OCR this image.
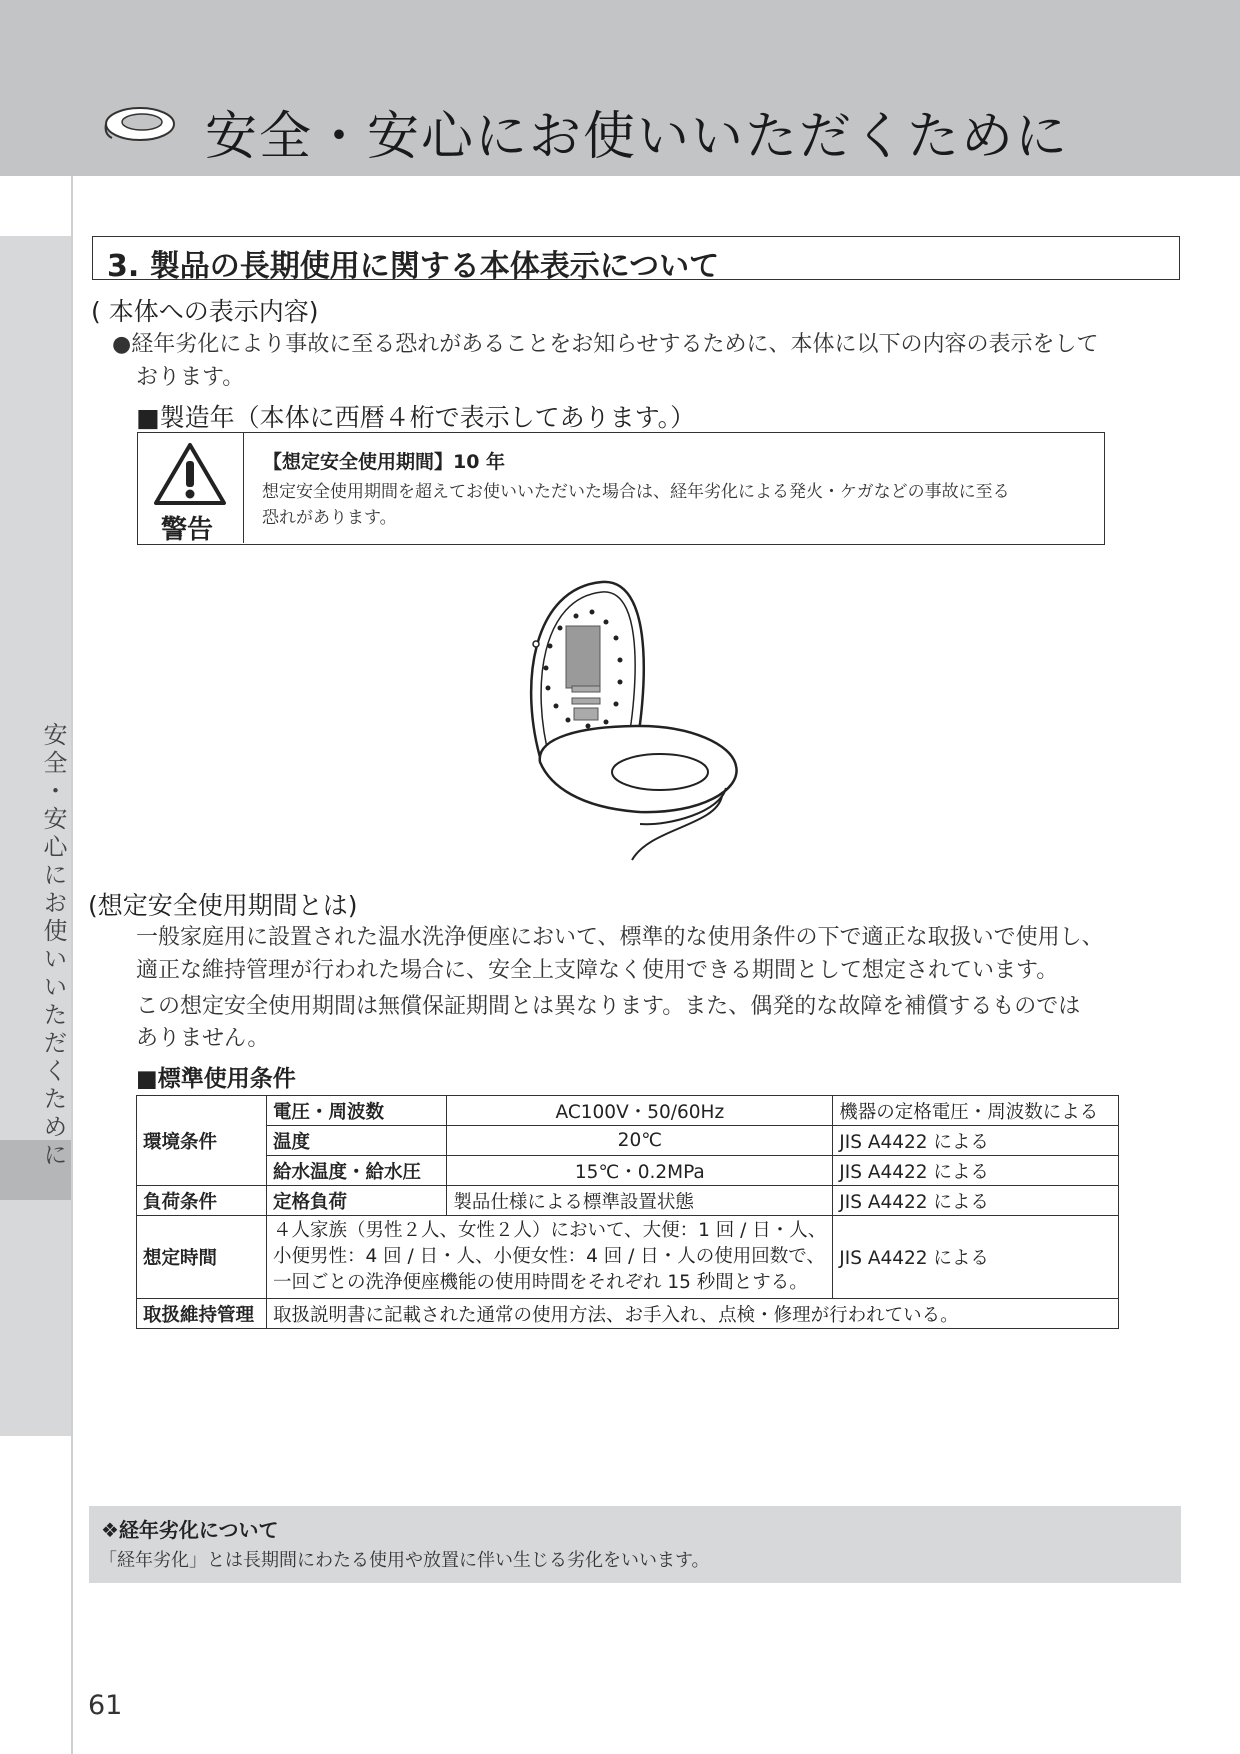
安全・安心にお使いいただくために
安全・安心にお使いいただくために
3. 製品の長期使用に関する本体表示について
( 本体への表示内容)
●経年劣化により事故に至る恐れがあることをお知らせするために、本体に以下の内容の表示をして
おります。
■製造年（本体に西暦４桁で表示してあります。）
警告
【想定安全使用期間】10 年
想定安全使用期間を超えてお使いいただいた場合は、経年劣化による発火・ケガなどの事故に至る
恐れがあります。
(想定安全使用期間とは)
一般家庭用に設置された温水洗浄便座において、標準的な使用条件の下で適正な取扱いで使用し、
適正な維持管理が行われた場合に、安全上支障なく使用できる期間として想定されています。
この想定安全使用期間は無償保証期間とは異なります。また、偶発的な故障を補償するものでは
ありません。
■標準使用条件
環境条件	電圧・周波数	AC100V・50/60Hz	機器の定格電圧・周波数による
	温度	20℃	JIS A4422 による
	給水温度・給水圧	15℃・0.2MPa	JIS A4422 による
負荷条件	定格負荷	製品仕様による標準設置状態	JIS A4422 による
想定時間	４人家族（男性２人、女性２人）において、大便：1 回 / 日・人、
小便男性：4 回 / 日・人、小便女性：4 回 / 日・人の使用回数で、
一回ごとの洗浄便座機能の使用時間をそれぞれ 15 秒間とする。		JIS A4422 による
取扱維持管理	取扱説明書に記載された通常の使用方法、お手入れ、点検・修理が行われている。		
❖経年劣化について
「経年劣化」とは長期間にわたる使用や放置に伴い生じる劣化をいいます。
61
